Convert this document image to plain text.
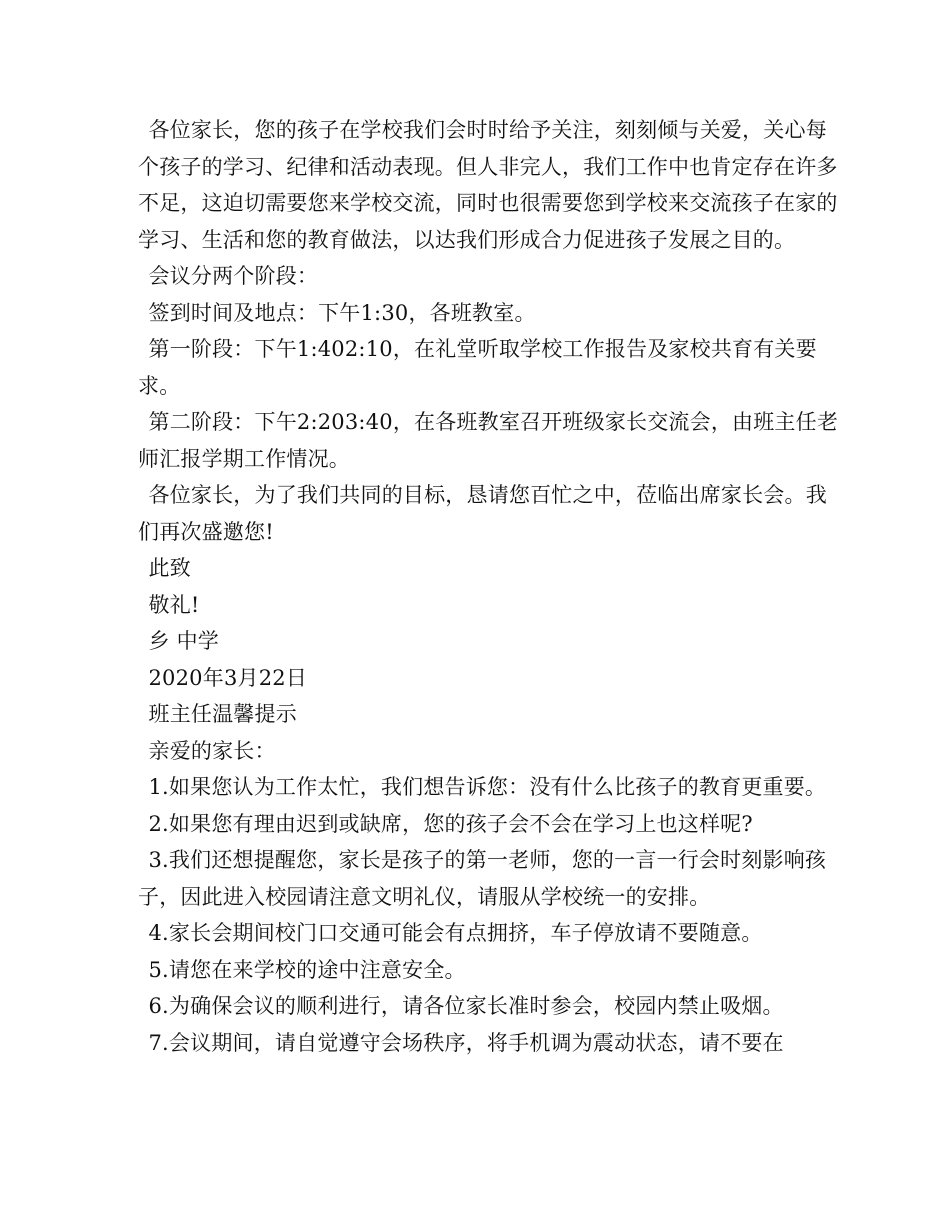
各位家长，您的孩子在学校我们会时时给予关注，刻刻倾与关爱，关心每个孩子的学习、纪律和活动表现。但人非完人，我们工作中也肯定存在许多不足，这迫切需要您来学校交流，同时也很需要您到学校来交流孩子在家的学习、生活和您的教育做法，以达我们形成合力促进孩子发展之目的。

会议分两个阶段：

签到时间及地点：下午1:30，各班教室。

第一阶段：下午1:402:10，在礼堂听取学校工作报告及家校共育有关要求。

第二阶段：下午2:203:40，在各班教室召开班级家长交流会，由班主任老师汇报学期工作情况。

各位家长，为了我们共同的目标，恳请您百忙之中，莅临出席家长会。我们再次盛邀您!

此致

敬礼!

乡 中学

2020年3月22日

班主任温馨提示

亲爱的家长：

1.如果您认为工作太忙，我们想告诉您：没有什么比孩子的教育更重要。

2.如果您有理由迟到或缺席，您的孩子会不会在学习上也这样呢?

3.我们还想提醒您，家长是孩子的第一老师，您的一言一行会时刻影响孩子，因此进入校园请注意文明礼仪，请服从学校统一的安排。

4.家长会期间校门口交通可能会有点拥挤，车子停放请不要随意。

5.请您在来学校的途中注意安全。

6.为确保会议的顺利进行，请各位家长准时参会，校园内禁止吸烟。

7.会议期间，请自觉遵守会场秩序，将手机调为震动状态，请不要在
